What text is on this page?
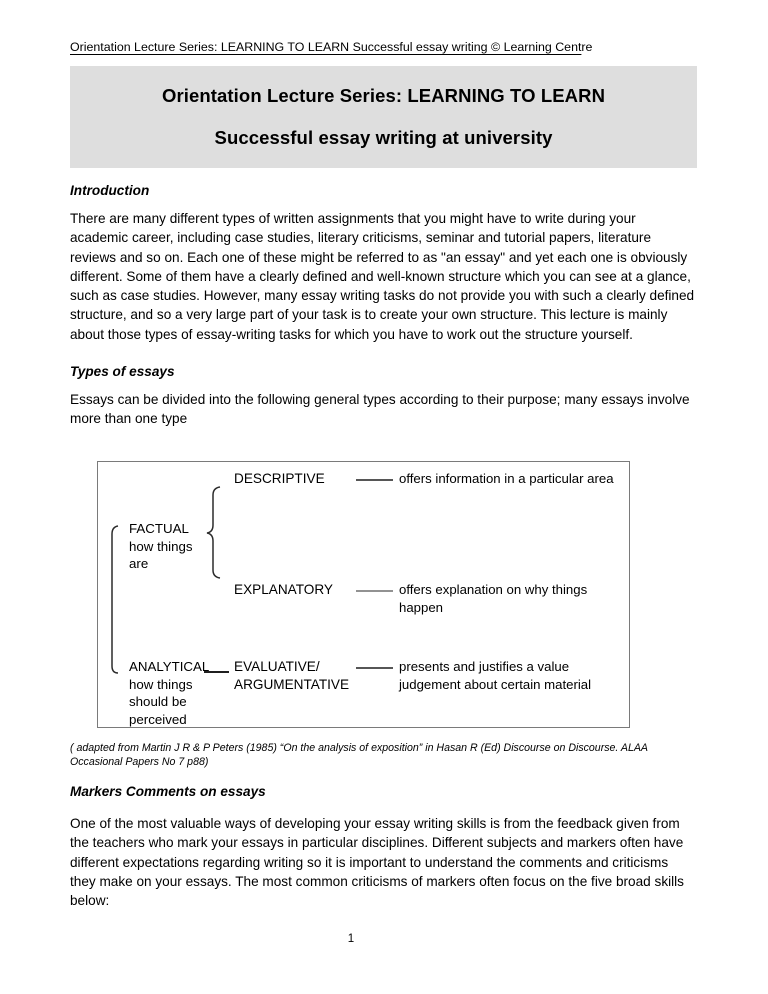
Orientation Lecture Series: LEARNING TO LEARN Successful essay writing © Learning Centre
Orientation Lecture Series: LEARNING TO LEARN
Successful essay writing at university
Introduction
There are many different types of written assignments that you might have to write during your academic career, including case studies, literary criticisms, seminar and tutorial papers, literature reviews and so on. Each one of these might be referred to as "an essay" and yet each one is obviously different. Some of them have a clearly defined and well-known structure which you can see at a glance, such as case studies. However, many essay writing tasks do not provide you with such a clearly defined structure, and so a very large part of your task is to create your own structure. This lecture is mainly about those types of essay-writing tasks for which you have to work out the structure yourself.
Types of essays
Essays can be divided into the following general types according to their purpose; many essays involve more than one type
DESCRIPTIVE	offers information in a particular area
EXPLANATORY	offers explanation on why things happen
FACTUAL
how things
are
ANALYTICAL
how things
should be
perceived
EVALUATIVE/
ARGUMENTATIVE
presents and justifies a value judgement about certain material
( adapted from Martin J R & P Peters (1985) “On the analysis of exposition” in Hasan R (Ed) Discourse on Discourse. ALAA Occasional Papers No 7 p88)
Markers Comments on essays
One of the most valuable ways of developing your essay writing skills is from the feedback given from the teachers who mark your essays in particular disciplines. Different subjects and markers often have different expectations regarding writing so it is important to understand the comments and criticisms they make on your essays. The most common criticisms of markers often focus on the five broad skills below:
1
